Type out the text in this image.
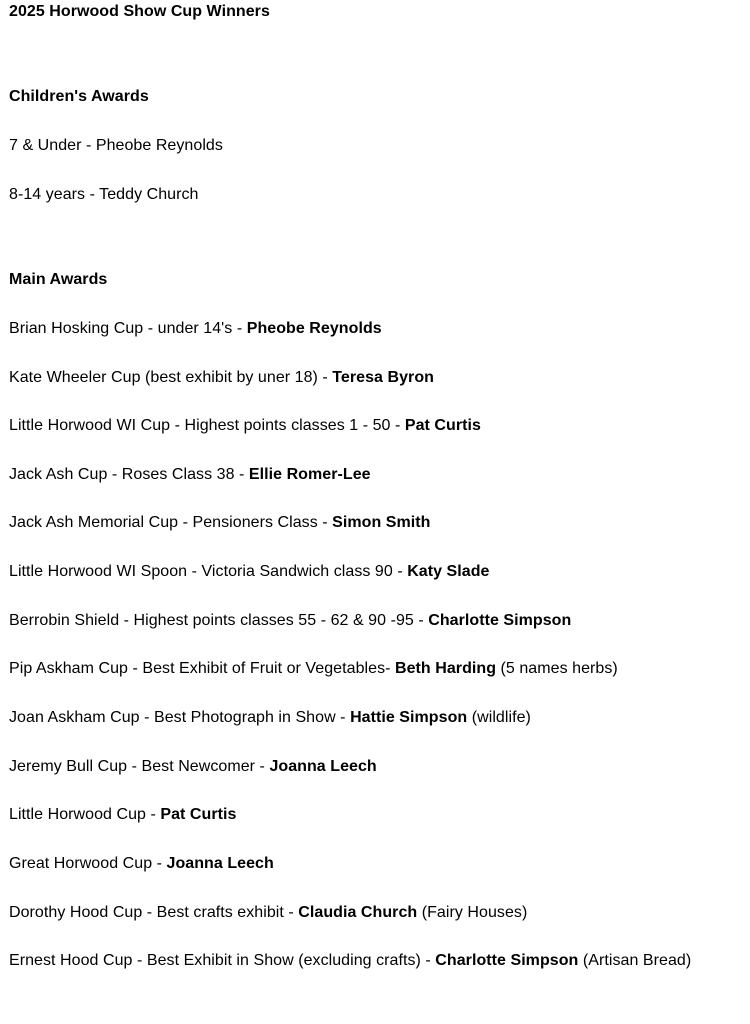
2025 Horwood Show Cup Winners
Children's Awards
7 & Under - Pheobe Reynolds
8-14 years - Teddy Church
Main Awards
Brian Hosking Cup - under 14's - Pheobe Reynolds
Kate Wheeler Cup (best exhibit by uner 18) - Teresa Byron
Little Horwood WI Cup - Highest points classes 1 - 50 - Pat Curtis
Jack Ash Cup - Roses Class 38 - Ellie Romer-Lee
Jack Ash Memorial Cup - Pensioners Class - Simon Smith
Little Horwood WI Spoon - Victoria Sandwich class 90 - Katy Slade
Berrobin Shield - Highest points classes 55 - 62 & 90 -95 - Charlotte Simpson
Pip Askham Cup - Best Exhibit of Fruit or Vegetables- Beth Harding (5 names herbs)
Joan Askham Cup - Best Photograph in Show - Hattie Simpson (wildlife)
Jeremy Bull Cup - Best Newcomer - Joanna Leech
Little Horwood Cup - Pat Curtis
Great Horwood Cup - Joanna Leech
Dorothy Hood Cup - Best crafts exhibit - Claudia Church (Fairy Houses)
Ernest Hood Cup - Best Exhibit in Show (excluding crafts) - Charlotte Simpson (Artisan Bread)
